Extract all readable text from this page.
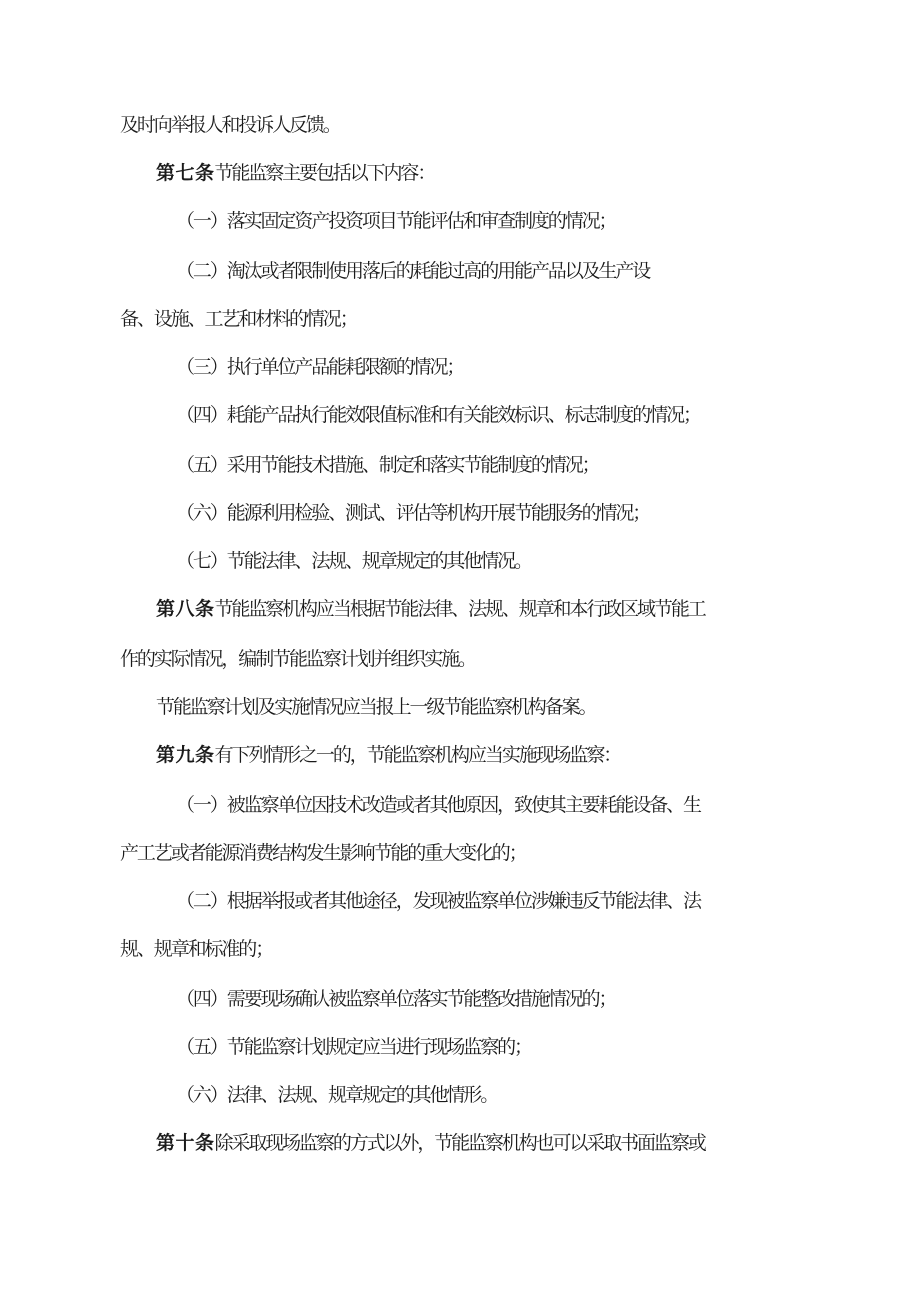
及时向举报人和投诉人反馈。
第七条节能监察主要包括以下内容：
（一）落实固定资产投资项目节能评估和审查制度的情况；
（二）淘汰或者限制使用落后的耗能过高的用能产品以及生产设
备、设施、工艺和材料的情况；
（三）执行单位产品能耗限额的情况；
（四）耗能产品执行能效限值标准和有关能效标识、标志制度的情况；
（五）采用节能技术措施、制定和落实节能制度的情况；
（六）能源利用检验、测试、评估等机构开展节能服务的情况；
（七）节能法律、法规、规章规定的其他情况。
第八条节能监察机构应当根据节能法律、法规、规章和本行政区域节能工
作的实际情况，编制节能监察计划并组织实施。
节能监察计划及实施情况应当报上一级节能监察机构备案。
第九条有下列情形之一的，节能监察机构应当实施现场监察：
（一）被监察单位因技术改造或者其他原因，致使其主要耗能设备、生
产工艺或者能源消费结构发生影响节能的重大变化的；
（二）根据举报或者其他途径，发现被监察单位涉嫌违反节能法律、法
规、规章和标准的；
（四）需要现场确认被监察单位落实节能整改措施情况的；
（五）节能监察计划规定应当进行现场监察的；
（六）法律、法规、规章规定的其他情形。
第十条除采取现场监察的方式以外，节能监察机构也可以采取书面监察或
